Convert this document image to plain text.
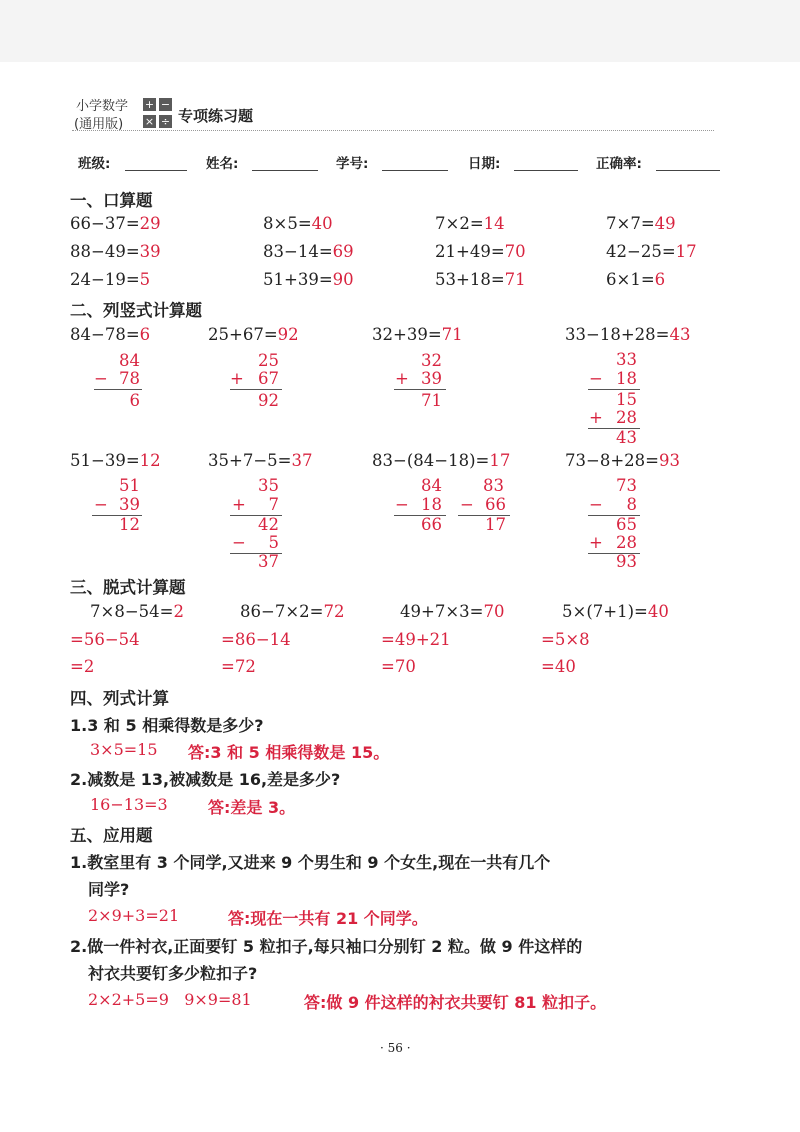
小学数学
(通用版)
+ −
× ÷ 专项练习题
班级:	姓名:	学号:	日期:	正确率:
一、口算题
66−37=29	8×5=40	7×2=14	7×7=49
88−49=39	83−14=69	21+49=70	42−25=17
24−19=5	51+39=90	53+18=71	6×1=6
二、列竖式计算题
84−78=6	25+67=92	32+39=71	33−18+28=43
84
− 78
6
25
+ 67
92
32
+ 39
71
33
− 18
15
+ 28
43
51−39=12	35+7−5=37	83−(84−18)=17	73−8+28=93
51
− 39
12
35
+	7
42
−	5
37
84
− 18
66
83
− 66
17
73
−	8
65
+ 28
93
三、脱式计算题
7×8−54=2	86−7×2=72	49+7×3=70	5×(7+1)=40
=56−54	=86−14	=49+21	=5×8
=2	=72	=70	=40
四、列式计算
1.3 和 5 相乘得数是多少?
3×5=15 答:3 和 5 相乘得数是 15。
2.减数是 13,被减数是 16,差是多少?
16−13=3	答:差是 3。
五、应用题
1.教室里有 3 个同学,又进来 9 个男生和 9 个女生,现在一共有几个
同学?
2×9+3=21	答:现在一共有 21 个同学。
2.做一件衬衣,正面要钉 5 粒扣子,每只袖口分别钉 2 粒。做 9 件这样的
衬衣共要钉多少粒扣子?
2×2+5=9   9×9=81	答:做 9 件这样的衬衣共要钉 81 粒扣子。
· 56 ·
